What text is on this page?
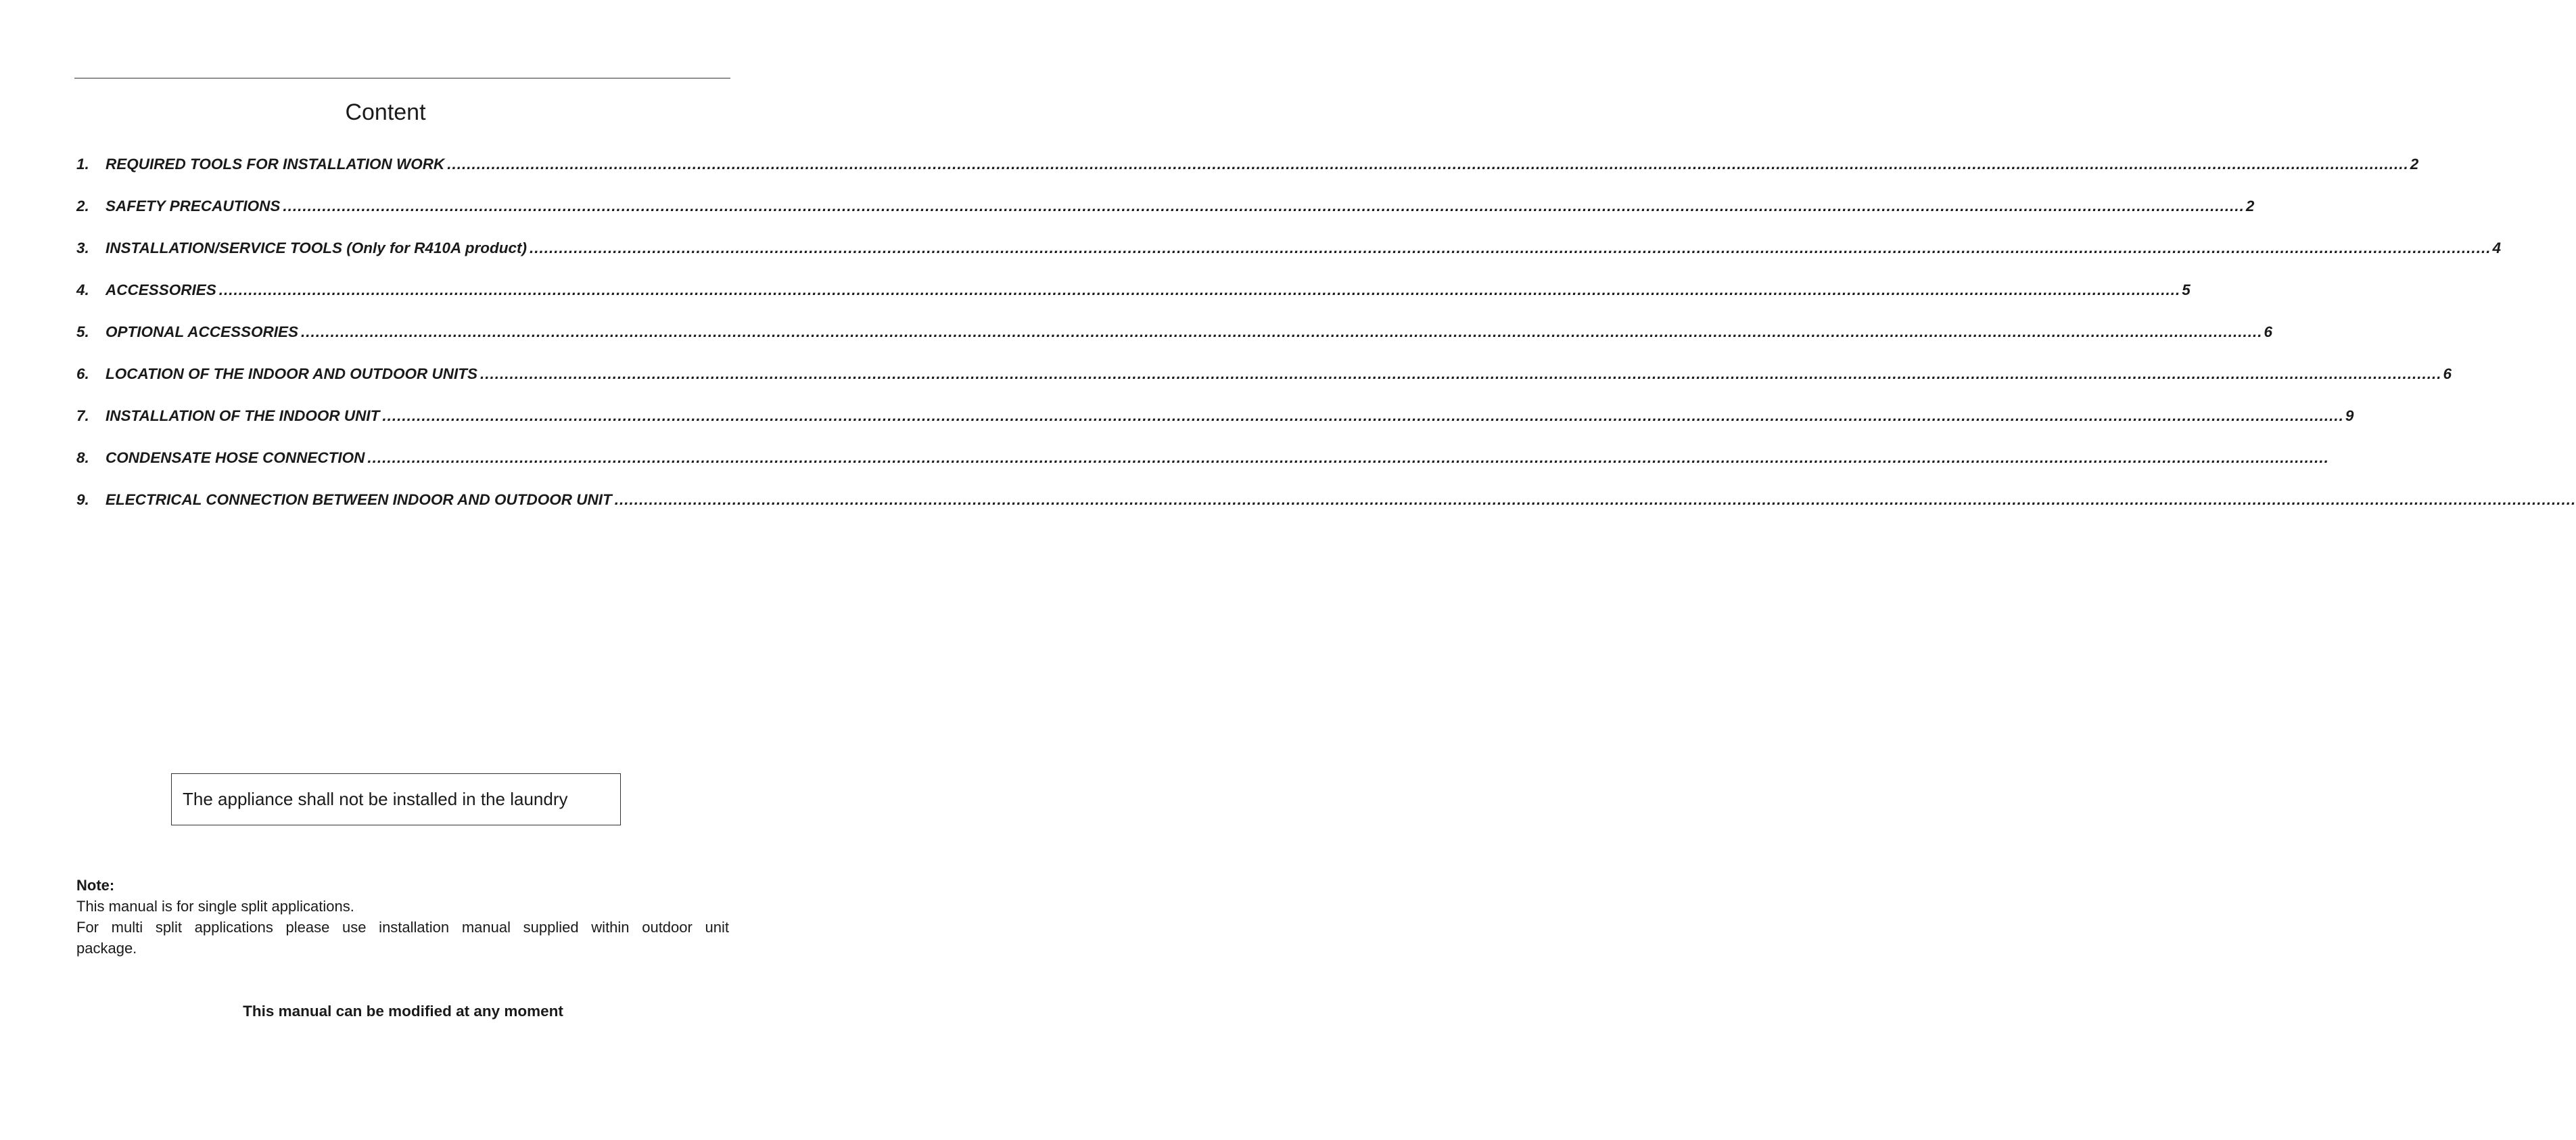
Content
1.	REQUIRED TOOLS FOR INSTALLATION WORK ................................................................................................................................................................................................................................................................................................................................................................................................................ 2
2.	SAFETY PRECAUTIONS ................................................................................................................................................................................................................................................................................................................................................................................................................ 2
3.	INSTALLATION/SERVICE TOOLS (Only for R410A product) ................................................................................................................................................................................................................................................................................................................................................................................................................ 4
4.	ACCESSORIES ................................................................................................................................................................................................................................................................................................................................................................................................................ 5
5.	OPTIONAL ACCESSORIES ................................................................................................................................................................................................................................................................................................................................................................................................................ 6
6.	LOCATION OF THE INDOOR AND OUTDOOR UNITS ................................................................................................................................................................................................................................................................................................................................................................................................................ 6
7.	INSTALLATION OF THE INDOOR UNIT ................................................................................................................................................................................................................................................................................................................................................................................................................ 9
8.	CONDENSATE HOSE CONNECTION ................................................................................................................................................................................................................................................................................................................................................................................................................
9.	ELECTRICAL CONNECTION BETWEEN INDOOR AND OUTDOOR UNIT ................................................................................................................................................................................................................................................................................................................................................................................................................
The appliance shall not be installed in the laundry
Note:
This manual is for single split applications.
For multi split applications please use installation manual supplied within outdoor unit
package.
This manual can be modified at any moment
